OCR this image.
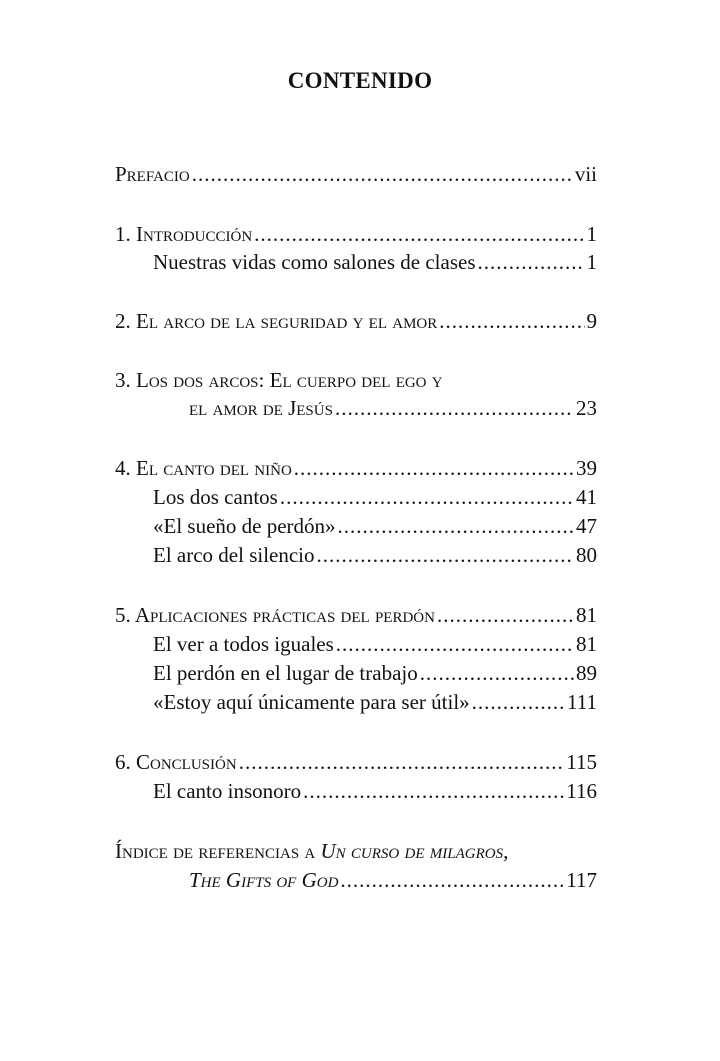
CONTENIDO
Prefacio .....	vii
1. Introducción .....	1
Nuestras vidas como salones de clases .....	1
2. El arco de la seguridad y el amor .....	9
3. Los dos arcos: El cuerpo del ego y
el amor de Jesús .....	23
4. El canto del niño .....	39
Los dos cantos .....	41
«El sueño de perdón» .....	47
El arco del silencio .....	80
5. Aplicaciones prácticas del perdón .....	81
El ver a todos iguales .....	81
El perdón en el lugar de trabajo .....	89
«Estoy aquí únicamente para ser útil» .....	111
6. Conclusión .....	115
El canto insonoro .....	116
Índice de referencias a Un curso de milagros,
The Gifts of God .....	117
